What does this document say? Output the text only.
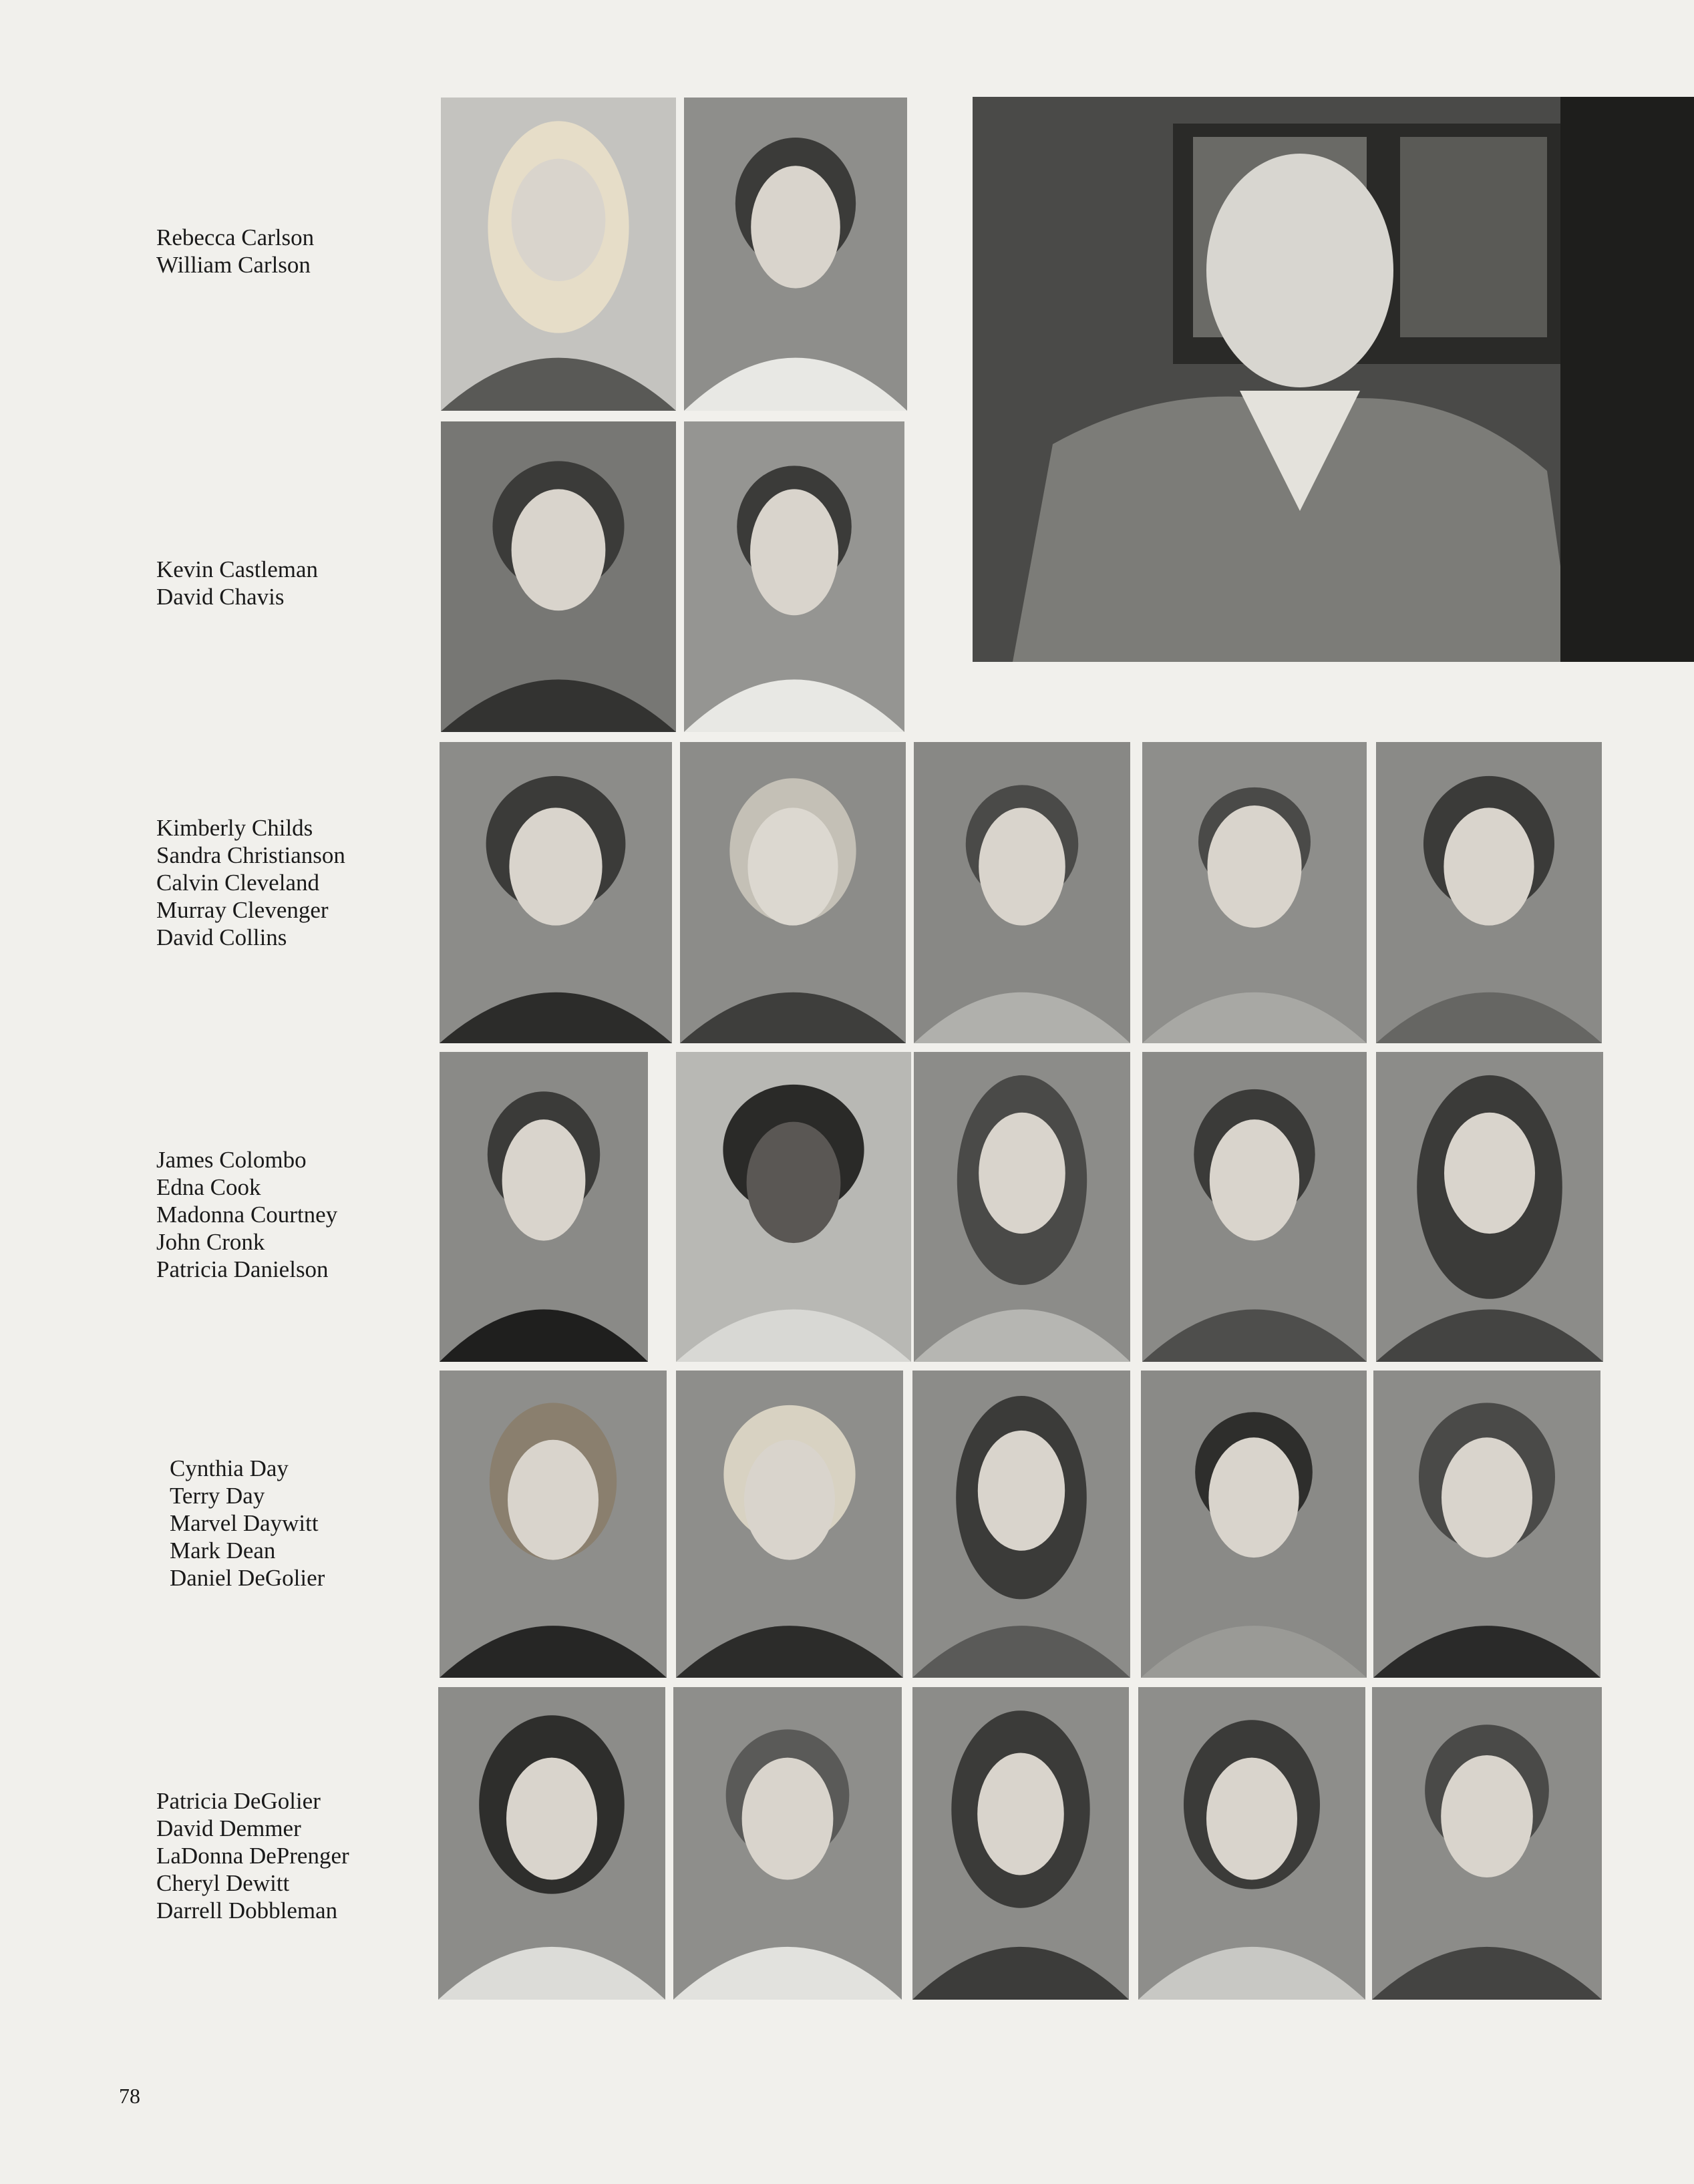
Rebecca Carlson
William Carlson
Kevin Castleman
David Chavis
Kimberly Childs
Sandra Christianson
Calvin Cleveland
Murray Clevenger
David Collins
James Colombo
Edna Cook
Madonna Courtney
John Cronk
Patricia Danielson
Cynthia Day
Terry Day
Marvel Daywitt
Mark Dean
Daniel DeGolier
Patricia DeGolier
David Demmer
LaDonna DePrenger
Cheryl Dewitt
Darrell Dobbleman
78
